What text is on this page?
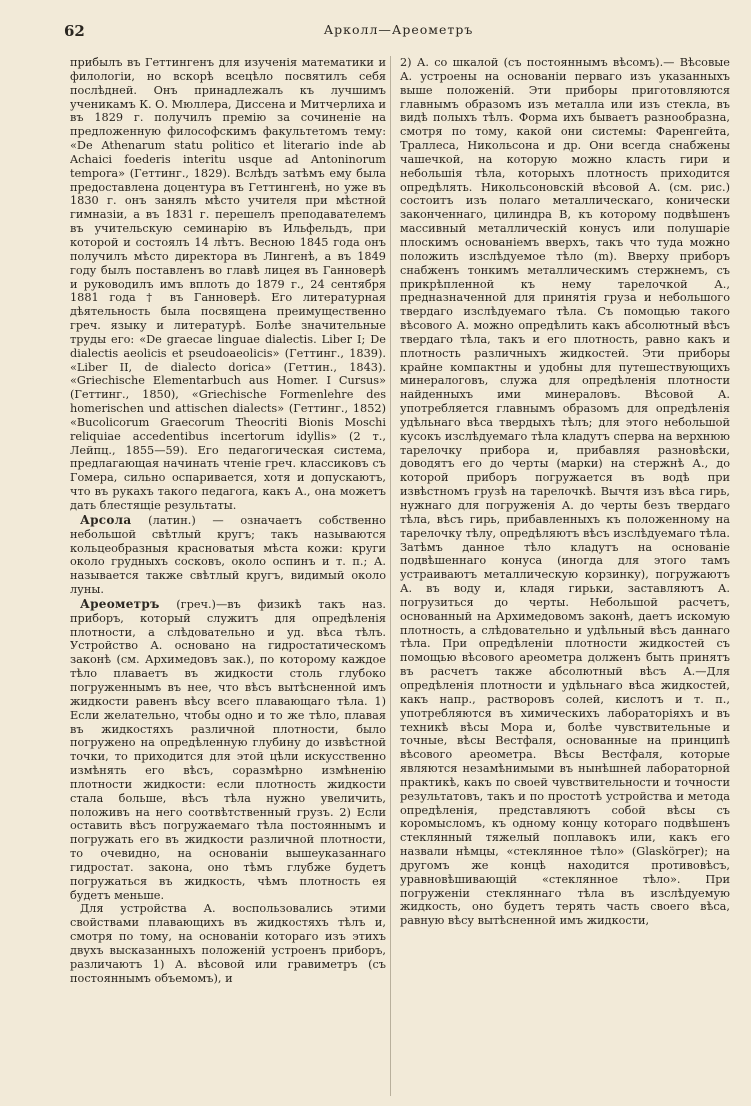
62	Арколл—Ареометръ

прибылъ въ Геттингенъ для изученія математики и филологіи, но вскорѣ всецѣло посвятилъ себя послѣдней. Онъ принадлежалъ къ лучшимъ ученикамъ К. О. Мюллера, Диссена и Митчерлиха и въ 1829 г. получилъ премію за сочиненіе на предложенную философскимъ факультетомъ тему: «De Athenarum statu politico et literario inde ab Achaici foederis interitu usque ad Antoninorum tempora» (Геттинг., 1829). Вслѣдъ затѣмъ ему была предоставлена доцентура въ Геттингенѣ, но уже въ 1830 г. онъ занялъ мѣсто учителя при мѣстной гимназіи, а въ 1831 г. перешелъ преподавателемъ въ учительскую семинарію въ Ильфельдъ, при которой и состоялъ 14 лѣтъ. Весною 1845 года онъ получилъ мѣсто директора въ Лингенѣ, а въ 1849 году былъ поставленъ во главѣ лицея въ Ганноверѣ и руководилъ имъ вплоть до 1879 г., 24 сентября 1881 года † въ Ганноверѣ. Его литературная дѣятельность была посвящена преимущественно греч. языку и литературѣ. Болѣе значительные труды его: «De graecae linguae dialectis. Liber I; De dialectis aeolicis et pseudoaeolicis» (Геттинг., 1839). «Liber II, de dialecto dorica» (Геттин., 1843). «Griechische Elementarbuch aus Homer. I Cursus» (Геттинг., 1850), «Griechische Formenlehre des homerischen und attischen dialects» (Геттинг., 1852) «Bucolicorum Graecorum Theocriti Bionis Moschi reliquiae accedentibus incertorum idyllis» (2 т., Лейпц., 1855—59). Его педагогическая система, предлагающая начинать чтеніе греч. классиковъ съ Гомера, сильно оспаривается, хотя и допускаютъ, что въ рукахъ такого педагога, какъ А., она можетъ дать блестящіе результаты.

Арсола (латин.) — означаетъ собственно небольшой свѣтлый кругъ; такъ называются кольцеобразныя красноватыя мѣста кожи: круги около грудныхъ сосковъ, около оспинъ и т. п.; А. называется также свѣтлый кругъ, видимый около луны.

Ареометръ (греч.)—въ физикѣ такъ наз. приборъ, который служитъ для опредѣленія плотности, а слѣдовательно и уд. вѣса тѣлъ. Устройство А. основано на гидростатическомъ законѣ (см. Архимедовъ зак.), по которому каждое тѣло плаваетъ въ жидкости столь глубоко погруженнымъ въ нее, что вѣсъ вытѣсненной имъ жидкости равенъ вѣсу всего плавающаго тѣла. 1) Если желательно, чтобы одно и то же тѣло, плавая въ жидкостяхъ различной плотности, было погружено на опредѣленную глубину до извѣстной точки, то приходится для этой цѣли искусственно измѣнять его вѣсъ, соразмѣрно измѣненію плотности жидкости: если плотность жидкости стала больше, вѣсъ тѣла нужно увеличить, положивъ на него соотвѣтственный грузъ. 2) Если оставить вѣсъ погружаемаго тѣла постояннымъ и погружать его въ жидкости различной плотности, то очевидно, на основаніи вышеуказаннаго гидростат. закона, оно тѣмъ глубже будетъ погружаться въ жидкость, чѣмъ плотность ея будетъ меньше.

Для устройства А. воспользовались этими свойствами плавающихъ въ жидкостяхъ тѣлъ и, смотря по тому, на основаніи котораго изъ этихъ двухъ высказанныхъ положеній устроенъ приборъ, различаютъ 1) А. вѣсовой или гравиметръ (съ постояннымъ объемомъ), и

2) А. со шкалой (съ постояннымъ вѣсомъ).— Вѣсовые А. устроены на основаніи перваго изъ указанныхъ выше положеній. Эти приборы приготовляются главнымъ образомъ изъ металла или изъ стекла, въ видѣ полыхъ тѣлъ. Форма ихъ бываетъ разнообразна, смотря по тому, какой они системы: Фаренгейта, Траллеса, Никольсона и др. Они всегда снабжены чашечкой, на которую можно класть гири и небольшія тѣла, которыхъ плотность приходится опредѣлять. Никольсоновскій вѣсовой А. (см. рис.) состоитъ изъ полаго металлическаго, конически законченнаго, цилиндра В, къ которому подвѣшенъ массивный металлическій конусъ или полушаріе плоскимъ основаніемъ вверхъ, такъ что туда можно положить изслѣдуемое тѣло (m). Вверху приборъ снабженъ тонкимъ металлическимъ стержнемъ, съ прикрѣпленной къ нему тарелочкой А., предназначенной для принятія груза и небольшого твердаго изслѣдуемаго тѣла. Съ помощью такого вѣсового А. можно опредѣлить какъ абсолютный вѣсъ твердаго тѣла, такъ и его плотность, равно какъ и плотность различныхъ жидкостей. Эти приборы крайне компактны и удобны для путешествующихъ минералоговъ, служа для опредѣленія плотности найденныхъ ими минераловъ. Вѣсовой А. употребляется главнымъ образомъ для опредѣленія удѣльнаго вѣса твердыхъ тѣлъ; для этого небольшой кусокъ изслѣдуемаго тѣла кладутъ сперва на верхнюю тарелочку прибора и, прибавляя разновѣски, доводятъ его до черты (марки) на стержнѣ А., до которой приборъ погружается въ водѣ при извѣстномъ грузѣ на тарелочкѣ. Вычтя изъ вѣса гирь, нужнаго для погруженія А. до черты безъ твердаго тѣла, вѣсъ гирь, прибавленныхъ къ положенному на тарелочку тѣлу, опредѣляютъ вѣсъ изслѣдуемаго тѣла. Затѣмъ данное тѣло кладутъ на основаніе подвѣшеннаго конуса (иногда для этого тамъ устраиваютъ металлическую корзинку), погружаютъ А. въ воду и, кладя гирьки, заставляютъ А. погрузиться до черты. Небольшой расчетъ, основанный на Архимедовомъ законѣ, даетъ искомую плотность, а слѣдовательно и удѣльный вѣсъ даннаго тѣла. При опредѣленіи плотности жидкостей съ помощью вѣсового ареометра долженъ быть принятъ въ расчетъ также абсолютный вѣсъ А.—Для опредѣленія плотности и удѣльнаго вѣса жидкостей, какъ напр., растворовъ солей, кислотъ и т. п., употребляются въ химическихъ лабораторіяхъ и въ техникѣ вѣсы Мора и, болѣе чувствительные и точные, вѣсы Вестфаля, основанные на принципѣ вѣсового ареометра. Вѣсы Вестфаля, которые являются незамѣнимыми въ нынѣшней лабораторной практикѣ, какъ по своей чувствительности и точности результатовъ, такъ и по простотѣ устройства и метода опредѣленія, представляютъ собой вѣсы съ коромысломъ, къ одному концу котораго подвѣшенъ стеклянный тяжелый поплавокъ или, какъ его назвали нѣмцы, «стеклянное тѣло» (Glaskörper); на другомъ же концѣ находится противовѣсъ, уравновѣшивающій «стеклянное тѣло». При погруженіи стекляннаго тѣла въ изслѣдуемую жидкость, оно будетъ терять часть своего вѣса, равную вѣсу вытѣсненной имъ жидкости,
